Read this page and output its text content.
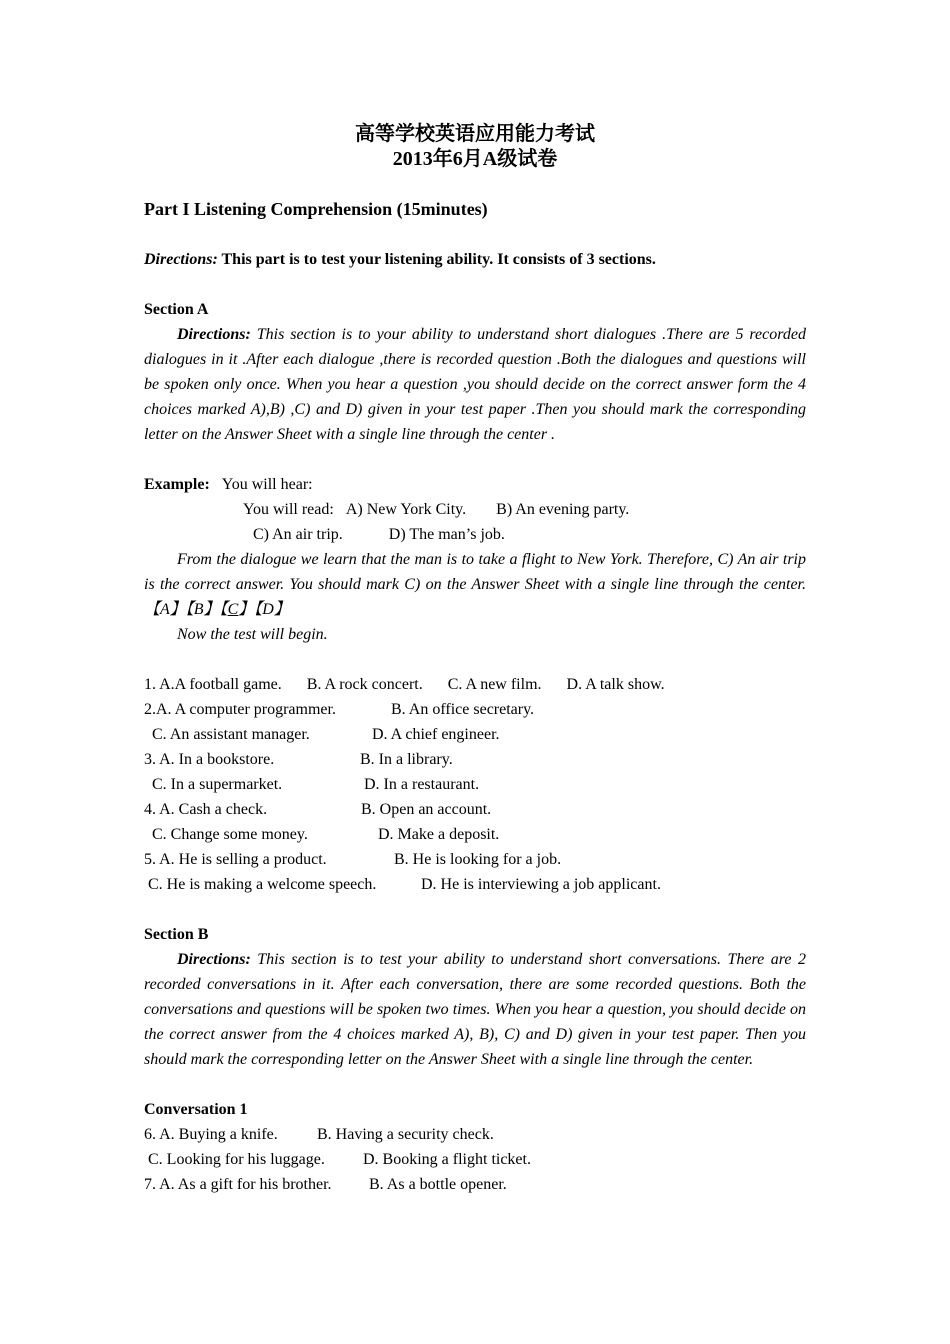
高等学校英语应用能力考试
2013年6月A级试卷
Part I Listening Comprehension (15minutes)
Directions: This part is to test your listening ability. It consists of 3 sections.
Section A
Directions: This section is to your ability to understand short dialogues .There are 5 recorded dialogues in it .After each dialogue ,there is recorded question .Both the dialogues and questions will be spoken only once. When you hear a question ,you should decide on the correct answer form the 4 choices marked A),B) ,C) and D) given in your test paper .Then you should mark the corresponding letter on the Answer Sheet with a single line through the center .
Example: You will hear:
You will read: A) New York City. B) An evening party.
C) An air trip.	D) The man’s job.
From the dialogue we learn that the man is to take a flight to New York. Therefore, C) An air trip is the correct answer. You should mark C) on the Answer Sheet with a single line through the center. 【A】【B】【C】【D】
Now the test will begin.
1. A.A football game. B. A rock concert. C. A new film. D. A talk show.
2.A. A computer programmer.	B. An office secretary.
C. An assistant manager.	D. A chief engineer.
3. A. In a bookstore.	B. In a library.
C. In a supermarket.	D. In a restaurant.
4. A. Cash a check.	B. Open an account.
C. Change some money.	D. Make a deposit.
5. A. He is selling a product.	B. He is looking for a job.
C. He is making a welcome speech.	D. He is interviewing a job applicant.
Section B
Directions: This section is to test your ability to understand short conversations. There are 2 recorded conversations in it. After each conversation, there are some recorded questions. Both the conversations and questions will be spoken two times. When you hear a question, you should decide on the correct answer from the 4 choices marked A), B), C) and D) given in your test paper. Then you should mark the corresponding letter on the Answer Sheet with a single line through the center.
Conversation 1
6. A. Buying a knife. B. Having a security check.
C. Looking for his luggage. D. Booking a flight ticket.
7. A. As a gift for his brother. B. As a bottle opener.
